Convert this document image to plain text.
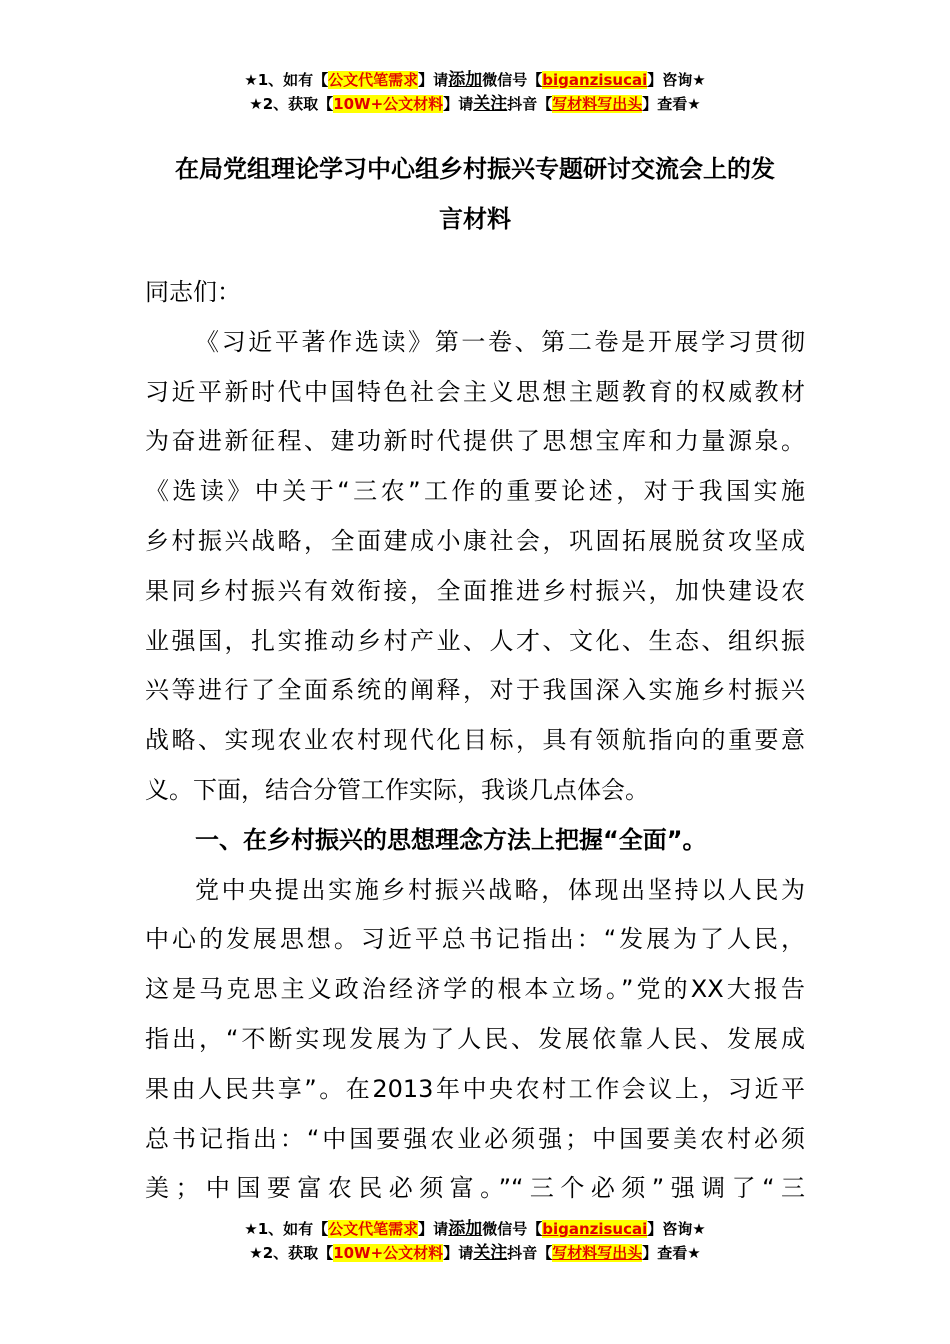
★1、如有【公文代笔需求】请添加微信号【biganzisucai】咨询★
★2、获取【10W+公文材料】请关注抖音【写材料写出头】查看★
在局党组理论学习中心组乡村振兴专题研讨交流会上的发
言材料
同志们：
《习近平著作选读》第一卷、第二卷是开展学习贯彻
习近平新时代中国特色社会主义思想主题教育的权威教材
为奋进新征程、建功新时代提供了思想宝库和力量源泉。
《选读》中关于“三农”工作的重要论述，对于我国实施
乡村振兴战略，全面建成小康社会，巩固拓展脱贫攻坚成
果同乡村振兴有效衔接，全面推进乡村振兴，加快建设农
业强国，扎实推动乡村产业、人才、文化、生态、组织振
兴等进行了全面系统的阐释，对于我国深入实施乡村振兴
战略、实现农业农村现代化目标，具有领航指向的重要意
义。下面，结合分管工作实际，我谈几点体会。
一、在乡村振兴的思想理念方法上把握“全面”。
党中央提出实施乡村振兴战略，体现出坚持以人民为
中心的发展思想。习近平总书记指出：“发展为了人民，
这是马克思主义政治经济学的根本立场。”党的XX大报告
指出，“不断实现发展为了人民、发展依靠人民、发展成
果由人民共享”。在2013年中央农村工作会议上，习近平
总书记指出：“中国要强农业必须强；中国要美农村必须
美；中国要富农民必须富。”“三个必须”强调了“三
★1、如有【公文代笔需求】请添加微信号【biganzisucai】咨询★
★2、获取【10W+公文材料】请关注抖音【写材料写出头】查看★
